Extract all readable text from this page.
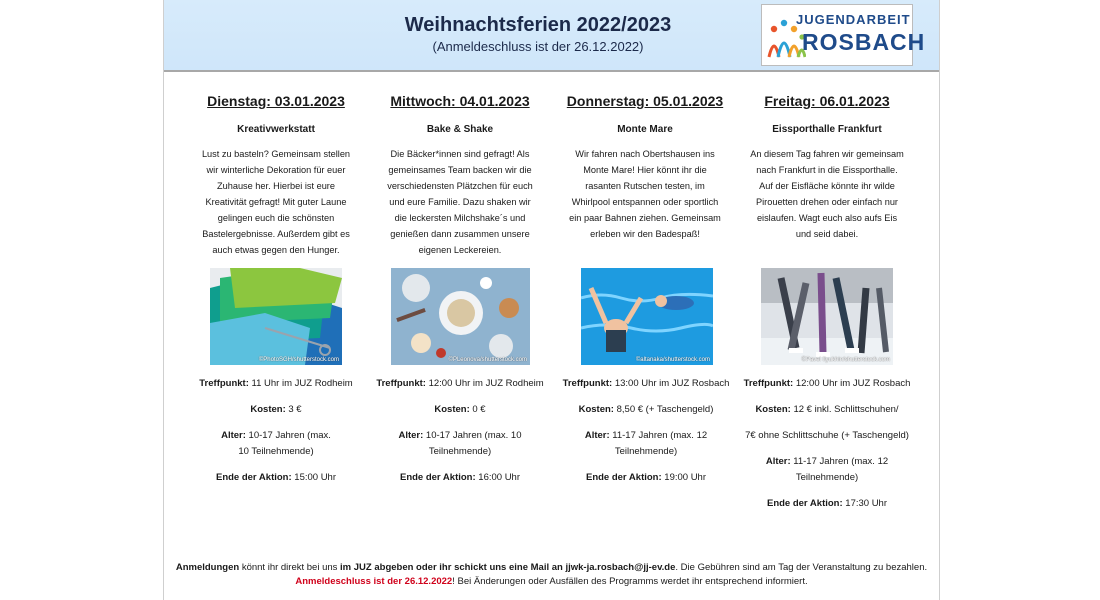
Weihnachtsferien 2022/2023
(Anmeldeschluss ist der 26.12.2022)
JUGENDARBEIT
ROSBACH
Dienstag: 03.01.2023
Kreativwerkstatt
Lust zu basteln? Gemeinsam stellen wir winterliche Dekoration für euer Zuhause her. Hierbei ist eure Kreativität gefragt! Mit guter Laune gelingen euch die schönsten Bastelergebnisse. Außerdem gibt es auch etwas gegen den Hunger.
©PhotoSGH/shutterstock.com
Treffpunkt: 11 Uhr im JUZ Rodheim
Kosten: 3 €
Alter: 10-17 Jahren (max. 10 Teilnehmende)
Ende der Aktion: 15:00 Uhr
Mittwoch: 04.01.2023
Bake & Shake
Die Bäcker*innen sind gefragt! Als gemeinsames Team backen wir die verschiedensten Plätzchen für euch und eure Familie. Dazu shaken wir die leckersten Milchshake´s und genießen dann zusammen unsere eigenen Leckereien.
©PLeonova/shutterstock.com
Treffpunkt: 12:00 Uhr im JUZ Rodheim
Kosten: 0 €
Alter: 10-17 Jahren (max. 10 Teilnehmende)
Ende der Aktion: 16:00 Uhr
Donnerstag: 05.01.2023
Monte Mare
Wir fahren nach Obertshausen ins Monte Mare! Hier könnt ihr die rasanten Rutschen testen, im Whirlpool entspannen oder sportlich ein paar Bahnen ziehen. Gemeinsam erleben wir den Badespaß!
©altanaka/shutterstock.com
Treffpunkt: 13:00 Uhr im JUZ Rosbach
Kosten: 8,50 € (+ Taschengeld)
Alter: 11-17 Jahren (max. 12 Teilnehmende)
Ende der Aktion: 19:00 Uhr
Freitag: 06.01.2023
Eissporthalle Frankfurt
An diesem Tag fahren wir gemeinsam nach Frankfurt in die Eissporthalle. Auf der Eisfläche könnte ihr wilde Pirouetten drehen oder einfach nur eislaufen. Wagt euch also aufs Eis und seid dabei.
©Pavel Ilyukhin/shutterstock.com
Treffpunkt: 12:00 Uhr im JUZ Rosbach
Kosten: 12 € inkl. Schlittschuhen/
7€ ohne Schlittschuhe (+ Taschengeld)
Alter: 11-17 Jahren (max. 12 Teilnehmende)
Ende der Aktion: 17:30 Uhr
Anmeldungen könnt ihr direkt bei uns im JUZ abgeben oder ihr schickt uns eine Mail an jjwk-ja.rosbach@jj-ev.de. Die Gebühren sind am Tag der Veranstaltung zu bezahlen. Anmeldeschluss ist der 26.12.2022! Bei Änderungen oder Ausfällen des Programms werdet ihr entsprechend informiert.
